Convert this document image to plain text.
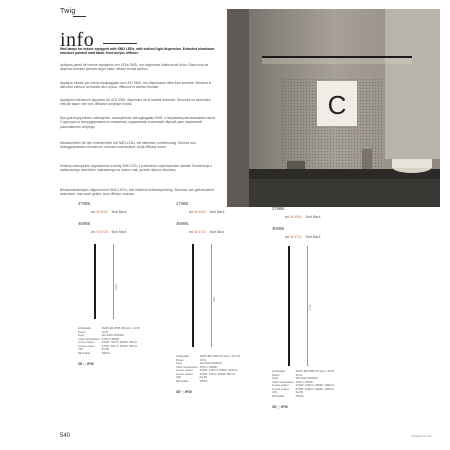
Twig
info
Wall lamps for indoor equipped with SMD LEDs, with indirect light dispersion. Extruded aluminium structure painted matt black, front acrylic diffuser.
Apliques pared de interior equipados con LEDs SMD, con dispersión indirecta de la luz. Estructura de aluminio extruido pintada negro mate, difusor frontal acrílico.
Applique murale per interni equipaggiato con LED SMD, con dispersione della luce indiretta. Struttura in alluminio estruso verniciata nero opaco, diffusore in acrilico frontale.
Appliques intérieures équipées de LED CMS, dispersion de la lumière indirecte. Structure en aluminium extrudé laqué noir mat, diffuseur acrylique frontal.
Бра для внутреннего освещения, оснащённые светодиодами SMD, с непрямым рассеиванием света. Структура из экструдированного алюминия, окрашенная в матовый чёрный цвет, акриловый рассеиватель спереди.
Wandleuchten für den Innenbereich mit SMD-LEDs, mit indirekter Lichtstreuung. Struktur aus stranggepresstem Aluminium, schwarz matt lackiert, Acryl-Diffusor vorne.
Kinkiety wewnętrzne wyposażone w diody SMD LED, z pośrednim rozproszeniem światła. Konstrukcja z wytłaczanego aluminium malowanego na czarno mat, przedni dyfuzor akrylowy.
Binnenwandlampen uitgerust met SMD-LED's, met indirecte lichtverspreiding. Structuur van geëxtrudeerd aluminium, mat zwart gelakt, acryl diffusor vooraan.
C
2700K
art. W-4062 Matt Black
3000K
art. W-2728 Matt Black
1000
Lichtquelle	SMD LED 2835 (96 pcs) x 10 W
Power	10 W
Input	110-240V 50/60Hz
Color temperature	2700 or 3000K
Lumen output	2700K: 760 lm 3000K: 780 lm
Lumen output	2700K: 594 lm 3000K: 598 lm
CRI	Ra 80
Dimmable	TRIAC
CE ▢ IP20
2700K
art. W-4083 Matt Black
3000K
art. W-2730 Matt Black
1300
Lichtquelle	SMD LED 2835 (54 pcs) x 15.3 W
Power	15 W
Input	110-240V 50/60Hz
Color temperature	2700 or 3000K
Lumen output	2700K: 1100 lm 3000K: 1040 lm
Lumen output	2700K: 760 lm 3000K: 800 lm
CRI	Ra 80
Dimmable	TRIAC
CE ▢ IP20
2700K
art. W-4084 Matt Black
3000K
art. W-2731 Matt Black
1700
Lichtquelle	SMD LED 2835 (54 pcs) x 20 W
Power	20 W
Input	110-240V 50/60Hz
Color temperature	2700 or 3000K
Lumen output	2700K: 1400 lm 3000K: 1480 lm
Lumen output	2700K: 1000 lm 3000K: 1040 lm
CRI	Ra 80
Dimmable	TRIAC
CE ▢ IP20
540	indiagsave.com
